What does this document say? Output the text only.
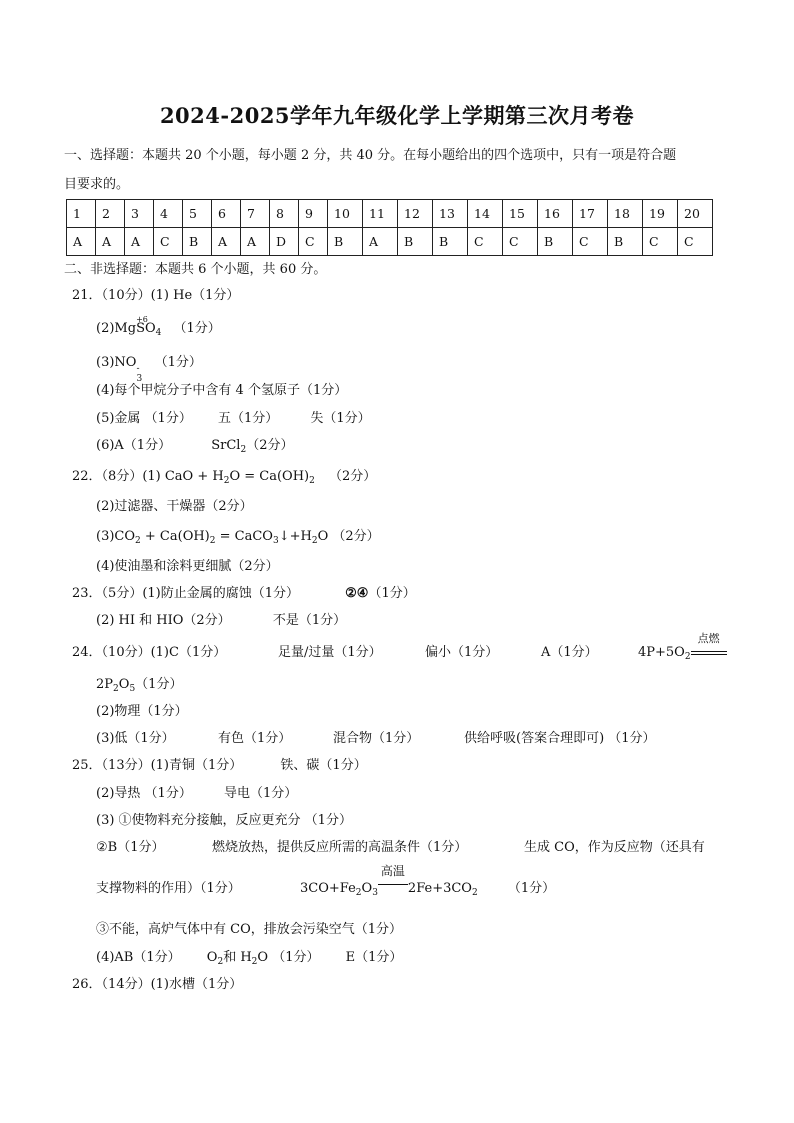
2024-2025学年九年级化学上学期第三次月考卷
一、选择题：本题共 20 个小题，每小题 2 分，共 40 分。在每小题给出的四个选项中，只有一项是符合题
目要求的。
1	2	3	4	5	6	7	8	9	10	11	12	13	14	15	16	17	18	19	20
A	A	A	C	B	A	A	D	C	B	A	B	B	C	C	B	C	B	C	C
二、非选择题：本题共 6 个小题，共 60 分。
21．（10分）(1) He（1分）
(2)Mg
+6
$SO_4$ （1分）
(3)NO
3
- （1分）
(4)每个甲烷分子中含有 4 个氢原子（1分）
(5)金属 （1分） 五（1分） 失（1分）
(6)A（1分）	SrCl$_2$（2分）
22．（8分）(1) CaO + $H_2O = Ca(OH)_2$ （2分）
(2)过滤器、干燥器（2分）
$(3)CO_2 + Ca(OH)_2$ = $CaCO_3↓+H_2O$ （2分）
(4)使油墨和涂料更细腻（2分）
23．（5分）(1)防止金属的腐蚀（1分）	②④（1分）
(2) HI 和 HIO（2分）	不是（1分）
24．（10分）(1)C（1分）	足量/过量（1分）	偏小（1分）	A（1分）	$4P+5O_2$
点燃
$2P_2O_5(1$分）
(2)物理（1分）
(3)低（1分）	有色（1分）	混合物（1分）	供给呼吸(答案合理即可) （1分）
25．（13分）(1)青铜（1分）	铁、碳（1分）
(2)导热 （1分） 导电（1分）
(3) ①使物料充分接触，反应更充分 （1分）
②B（1分）	燃烧放热，提供反应所需的高温条件（1分）	生成 CO，作为反应物（还具有
支撑物料的作用）（1分）	$3CO+Fe_2O_3$
高温
$2Fe+3CO_2$ （1分）
③不能，高炉气体中有 CO，排放会污染空气（1分）
(4)AB（1分） $O_2$和 $H_2O$ （1分） E（1分）
26．（14分）(1)水槽（1分）
